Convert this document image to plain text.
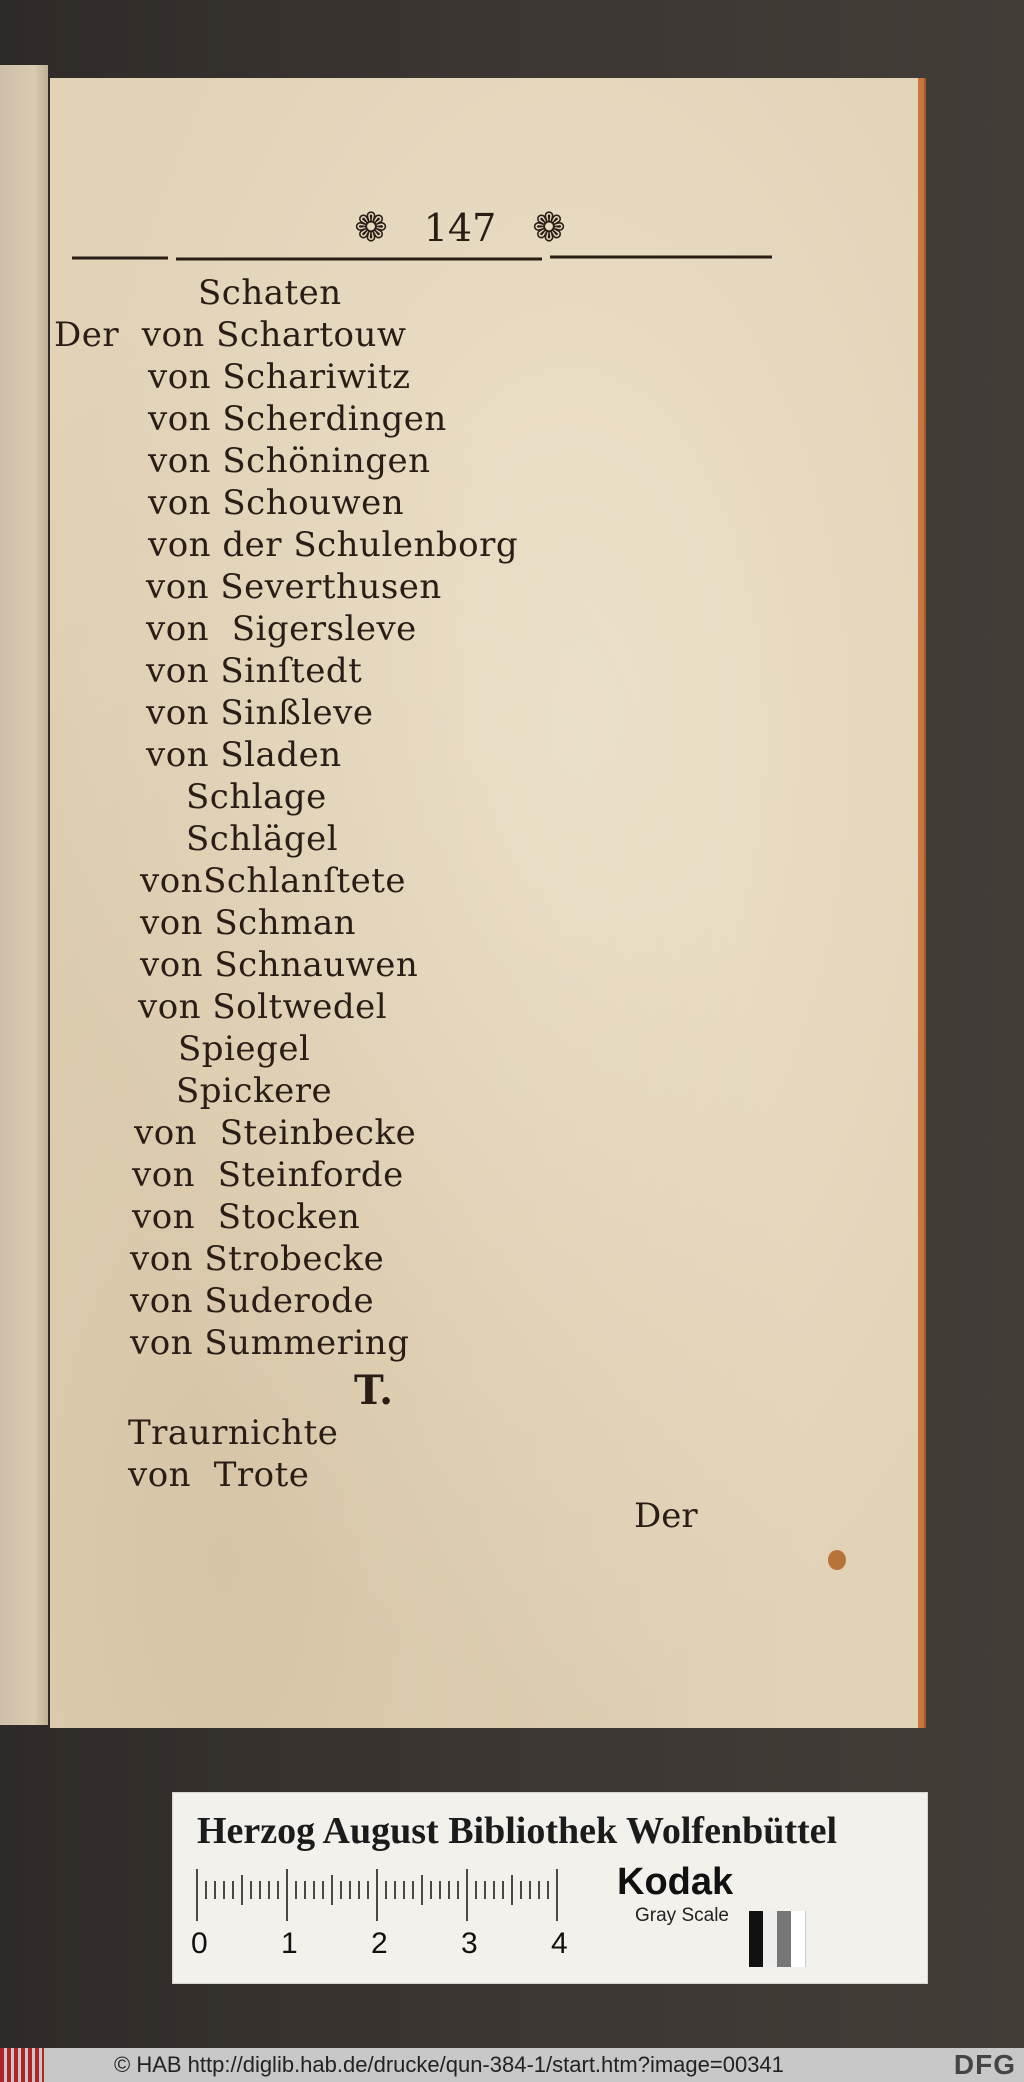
❁ 147 ❁
Schaten
Der  von Schartouw
von Schariwitz
von Scherdingen
von Schöningen
von Schouwen
von der Schulenborg
von Severthusen
von  Sigersleve
von Sinſtedt
von Sinßleve
von Sladen
Schlage
Schlägel
vonSchlanſtete
von Schman
von Schnauwen
von Soltwedel
Spiegel
Spickere
von  Steinbecke
von  Steinforde
von  Stocken
von Strobecke
von Suderode
von Summering
T.
Traurnichte
von  Trote
Der
Herzog August Bibliothek Wolfenbüttel
0 1 2 3 4
Kodak
Gray Scale
© HAB http://diglib.hab.de/drucke/qun-384-1/start.htm?image=00341	DFG
